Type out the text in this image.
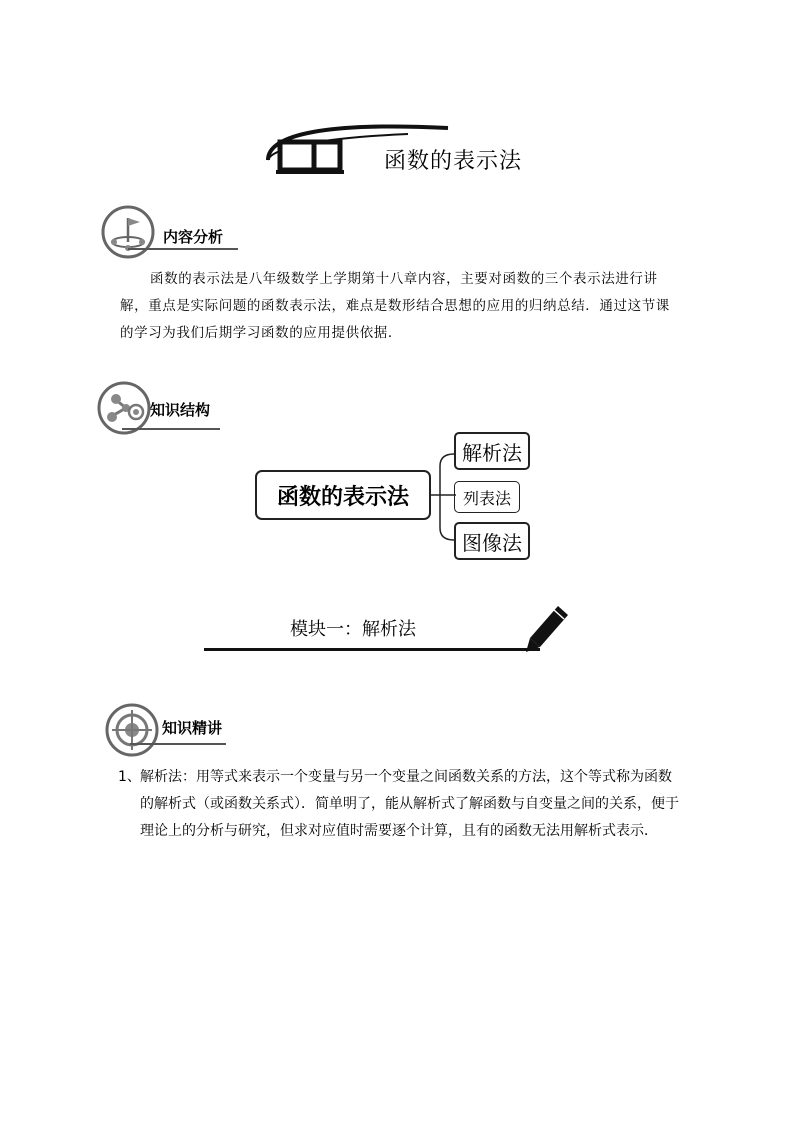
函数的表示法
内容分析
函数的表示法是八年级数学上学期第十八章内容，主要对函数的三个表示法进行讲解，重点是实际问题的函数表示法，难点是数形结合思想的应用的归纳总结．通过这节课的学习为我们后期学习函数的应用提供依据．
知识结构
函数的表示法
解析法
列表法
图像法
模块一：解析法
知识精讲
1、 解析法：用等式来表示一个变量与另一个变量之间函数关系的方法，这个等式称为函数的解析式（或函数关系式）．简单明了，能从解析式了解函数与自变量之间的关系，便于理论上的分析与研究，但求对应值时需要逐个计算，且有的函数无法用解析式表示．
